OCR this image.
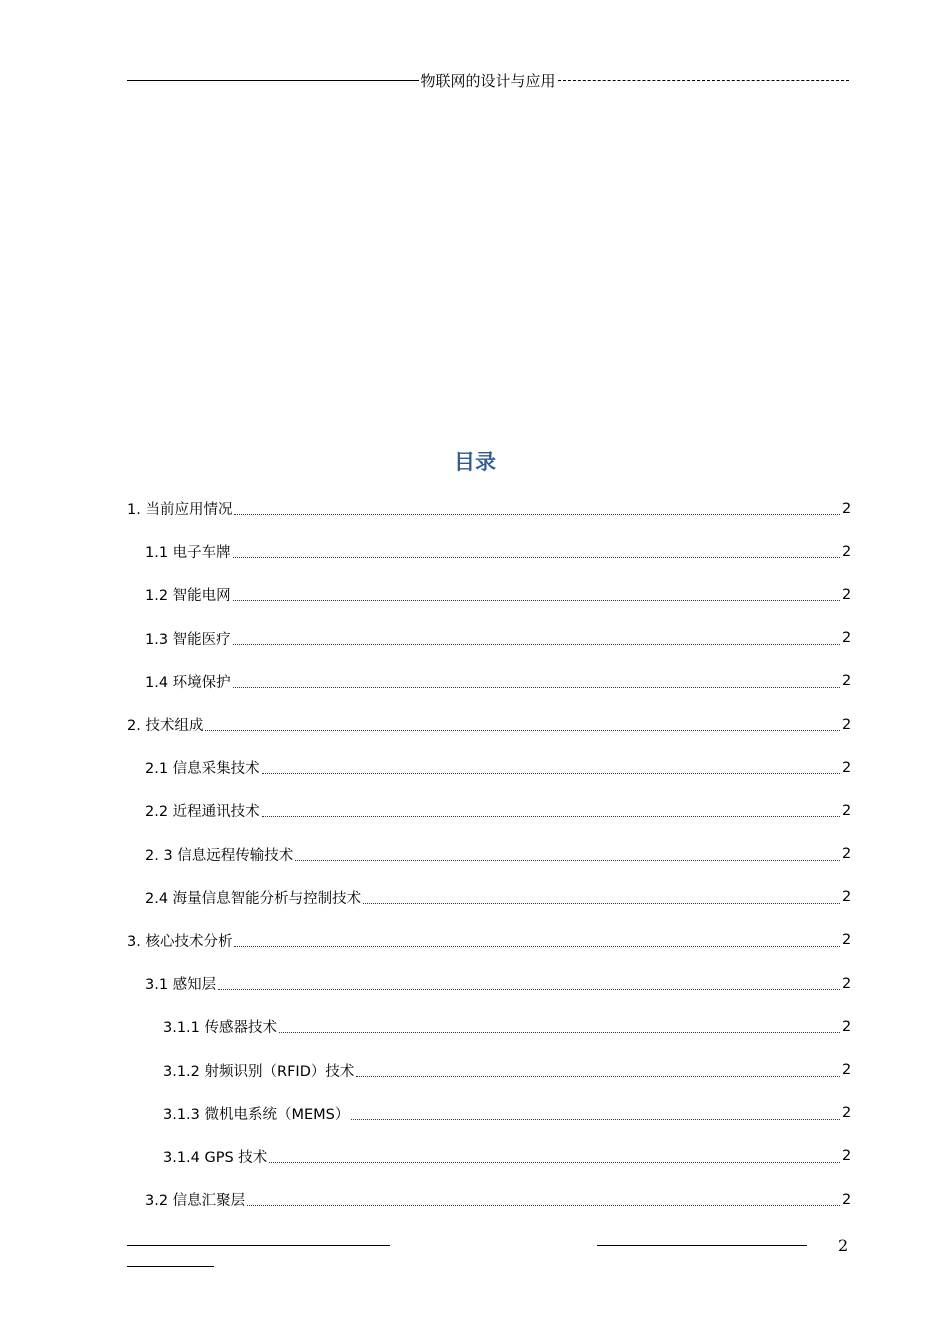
物联网的设计与应用
目录
1. 当前应用情况	2
1.1 电子车牌	2
1.2 智能电网	2
1.3 智能医疗	2
1.4 环境保护	2
2. 技术组成	2
2.1 信息采集技术	2
2.2 近程通讯技术	2
2. 3 信息远程传输技术	2
2.4 海量信息智能分析与控制技术	2
3. 核心技术分析	2
3.1 感知层	2
3.1.1 传感器技术	2
3.1.2 射频识别（RFID）技术	2
3.1.3 微机电系统（MEMS）	2
3.1.4 GPS 技术	2
3.2 信息汇聚层	2
2
